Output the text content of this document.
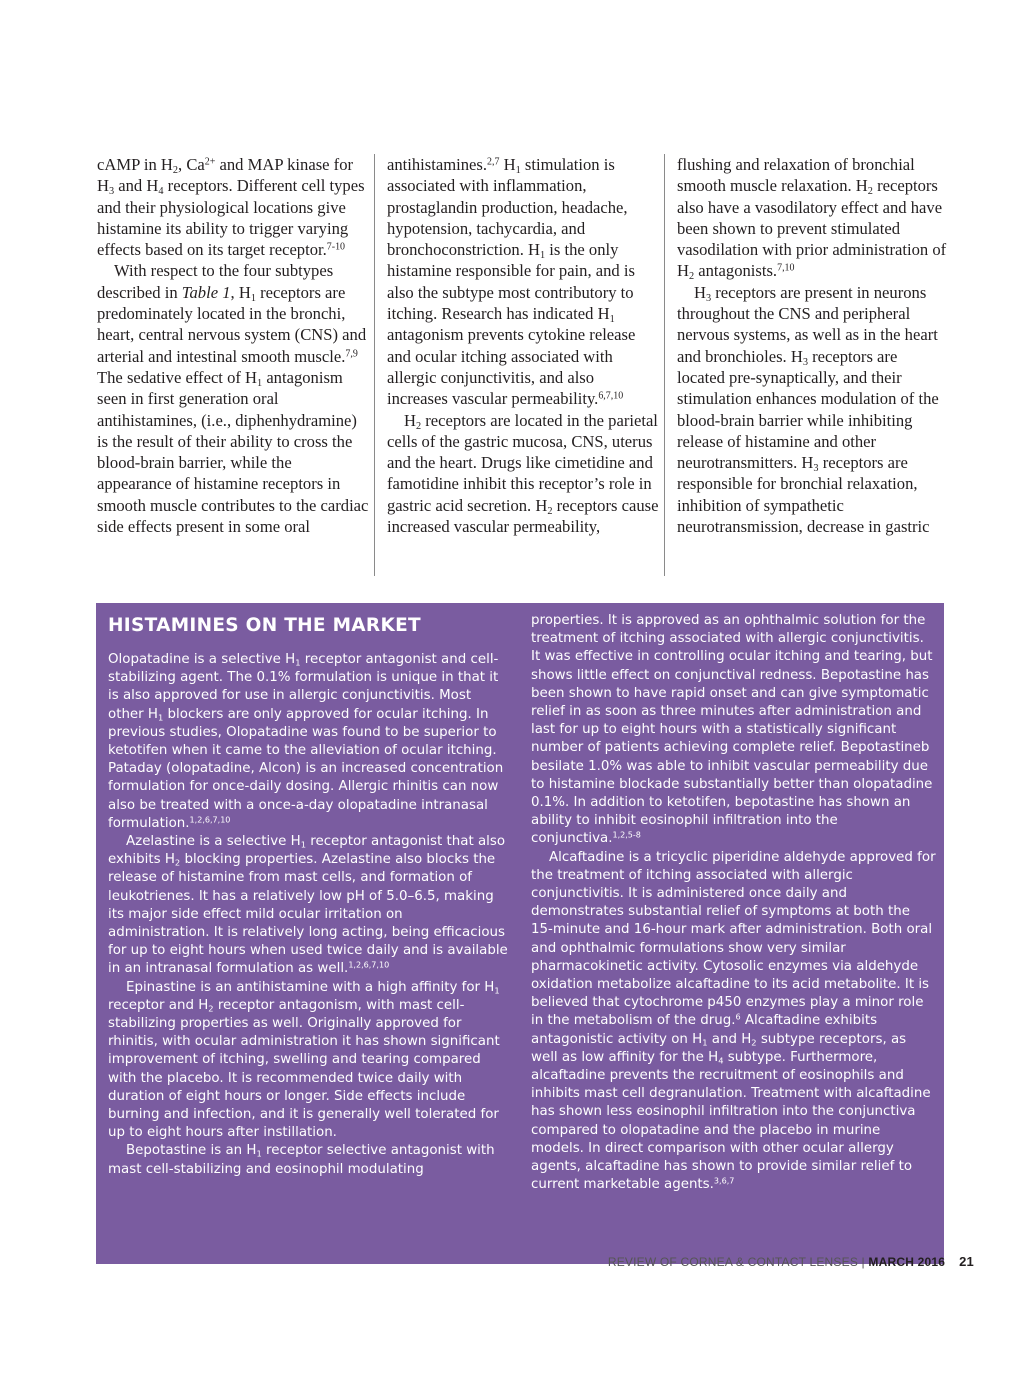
cAMP in $H_2$, $Ca^{2+}$ and MAP kinase for $H_3$ and $H_4$ receptors. Different cell types and their physiological locations give histamine its ability to trigger varying effects based on its target receptor.$^{7-10}$

With respect to the four subtypes described in Table 1, $H_1$ receptors are predominately located in the bronchi, heart, central nervous system (CNS) and arterial and intestinal smooth muscle.$^{7,9}$ The sedative effect of $H_1$ antagonism seen in first generation oral antihistamines, (i.e., diphenhydramine) is the result of their ability to cross the blood-brain barrier, while the appearance of histamine receptors in smooth muscle contributes to the cardiac side effects present in some oral

antihistamines.$^{2,7}$ $H_1$ stimulation is associated with inflammation, prostaglandin production, headache, hypotension, tachycardia, and bronchoconstriction. $H_1$ is the only histamine responsible for pain, and is also the subtype most contributory to itching. Research has indicated $H_1$ antagonism prevents cytokine release and ocular itching associated with allergic conjunctivitis, and also increases vascular permeability.$^{6,7,10}$

$H_2$ receptors are located in the parietal cells of the gastric mucosa, CNS, uterus and the heart. Drugs like cimetidine and famotidine inhibit this receptor’s role in gastric acid secretion. $H_2$ receptors cause increased vascular permeability,

flushing and relaxation of bronchial smooth muscle relaxation. $H_2$ receptors also have a vasodilatory effect and have been shown to prevent stimulated vasodilation with prior administration of $H_2$ antagonists.$^{7,10}$

$H_3$ receptors are present in neurons throughout the CNS and peripheral nervous systems, as well as in the heart and bronchioles. $H_3$ receptors are located pre-synaptically, and their stimulation enhances modulation of the blood-brain barrier while inhibiting release of histamine and other neurotransmitters. $H_3$ receptors are responsible for bronchial relaxation, inhibition of sympathetic neurotransmission, decrease in gastric

HISTAMINES ON THE MARKET

Olopatadine is a selective $H_1$ receptor antagonist and cell-stabilizing agent. The 0.1% formulation is unique in that it is also approved for use in allergic conjunctivitis. Most other $H_1$ blockers are only approved for ocular itching. In previous studies, Olopatadine was found to be superior to ketotifen when it came to the alleviation of ocular itching. Pataday (olopatadine, Alcon) is an increased concentration formulation for once-daily dosing. Allergic rhinitis can now also be treated with a once-a-day olopatadine intranasal formulation.$^{1,2,6,7,10}$

Azelastine is a selective $H_1$ receptor antagonist that also exhibits $H_2$ blocking properties. Azelastine also blocks the release of histamine from mast cells, and formation of leukotrienes. It has a relatively low pH of 5.0–6.5, making its major side effect mild ocular irritation on administration. It is relatively long acting, being efficacious for up to eight hours when used twice daily and is available in an intranasal formulation as well.$^{1,2,6,7,10}$

Epinastine is an antihistamine with a high affinity for $H_1$ receptor and $H_2$ receptor antagonism, with mast cell-stabilizing properties as well. Originally approved for rhinitis, with ocular administration it has shown significant improvement of itching, swelling and tearing compared with the placebo. It is recommended twice daily with duration of eight hours or longer. Side effects include burning and infection, and it is generally well tolerated for up to eight hours after instillation.

Bepotastine is an $H_1$ receptor selective antagonist with mast cell-stabilizing and eosinophil modulating

properties. It is approved as an ophthalmic solution for the treatment of itching associated with allergic conjunctivitis. It was effective in controlling ocular itching and tearing, but shows little effect on conjunctival redness. Bepotastine has been shown to have rapid onset and can give symptomatic relief in as soon as three minutes after administration and last for up to eight hours with a statistically significant number of patients achieving complete relief. Bepotastineb besilate 1.0% was able to inhibit vascular permeability due to histamine blockade substantially better than olopatadine 0.1%. In addition to ketotifen, bepotastine has shown an ability to inhibit eosinophil infiltration into the conjunctiva.$^{1,2,5-8}$

Alcaftadine is a tricyclic piperidine aldehyde approved for the treatment of itching associated with allergic conjunctivitis. It is administered once daily and demonstrates substantial relief of symptoms at both the 15-minute and 16-hour mark after administration. Both oral and ophthalmic formulations show very similar pharmacokinetic activity. Cytosolic enzymes via aldehyde oxidation metabolize alcaftadine to its acid metabolite. It is believed that cytochrome p450 enzymes play a minor role in the metabolism of the drug.$^6$ Alcaftadine exhibits antagonistic activity on $H_1$ and $H_2$ subtype receptors, as well as low affinity for the $H_4$ subtype. Furthermore, alcaftadine prevents the recruitment of eosinophils and inhibits mast cell degranulation. Treatment with alcaftadine has shown less eosinophil infiltration into the conjunctiva compared to olopatadine and the placebo in murine models. In direct comparison with other ocular allergy agents, alcaftadine has shown to provide similar relief to current marketable agents.$^{3,6,7}$

REVIEW OF CORNEA & CONTACT LENSES | MARCH 2016 21
